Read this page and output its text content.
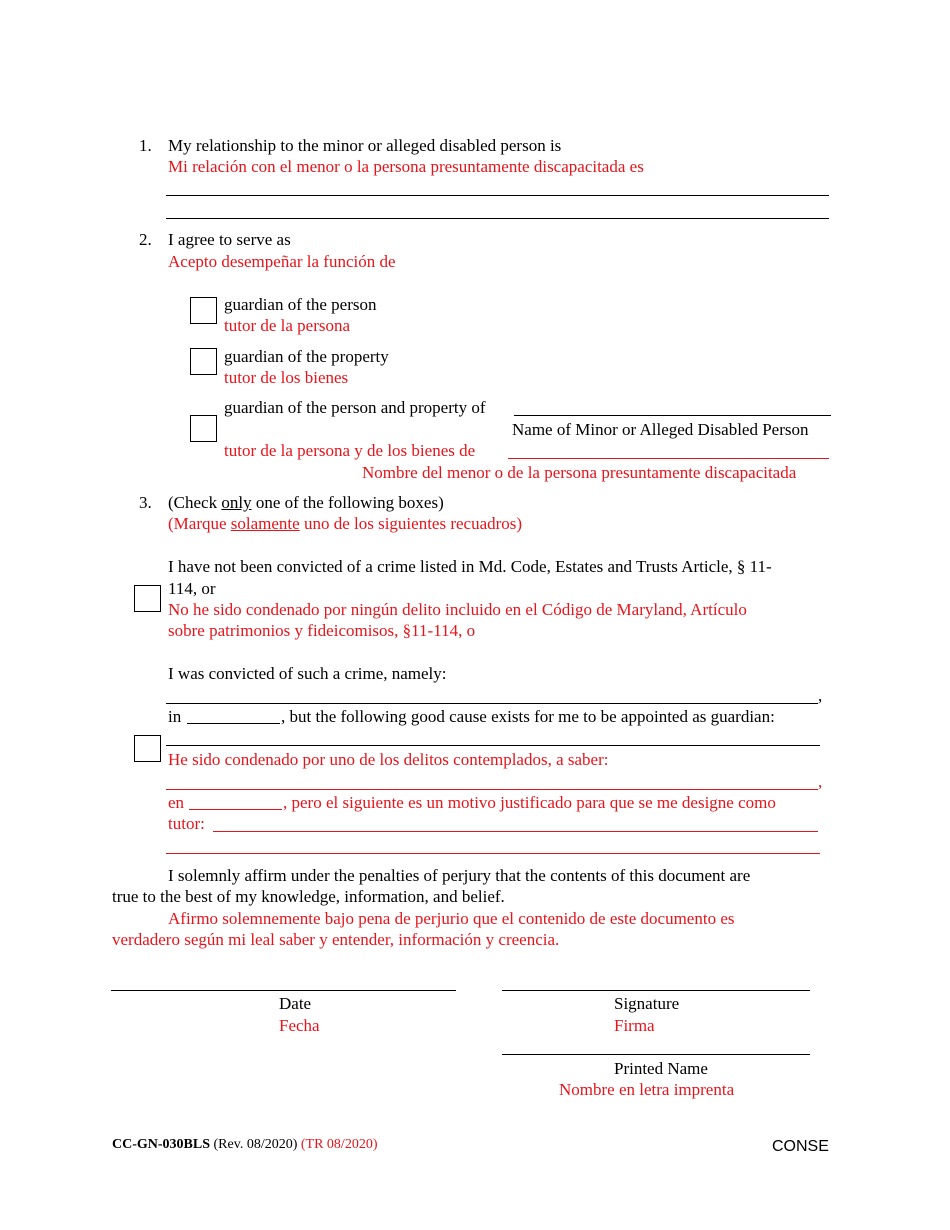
1. My relationship to the minor or alleged disabled person is
Mi relación con el menor o la persona presuntamente discapacitada es
2. I agree to serve as
Acepto desempeñar la función de
guardian of the person
tutor de la persona
guardian of the property
tutor de los bienes
guardian of the person and property of
Name of Minor or Alleged Disabled Person
tutor de la persona y de los bienes de
Nombre del menor o de la persona presuntamente discapacitada
3. (Check only one of the following boxes)
(Marque solamente uno de los siguientes recuadros)
I have not been convicted of a crime listed in Md. Code, Estates and Trusts Article, § 11-
114, or
No he sido condenado por ningún delito incluido en el Código de Maryland, Artículo
sobre patrimonios y fideicomisos, §11-114, o
I was convicted of such a crime, namely:
,
in	, but the following good cause exists for me to be appointed as guardian:
He sido condenado por uno de los delitos contemplados, a saber:
,
en	, pero el siguiente es un motivo justificado para que se me designe como
tutor:
I solemnly affirm under the penalties of perjury that the contents of this document are
true to the best of my knowledge, information, and belief.
Afirmo solemnemente bajo pena de perjurio que el contenido de este documento es
verdadero según mi leal saber y entender, información y creencia.
Date
Fecha
Signature
Firma
Printed Name
Nombre en letra imprenta
CC-GN-030BLS (Rev. 08/2020) (TR 08/2020)	CONSE
